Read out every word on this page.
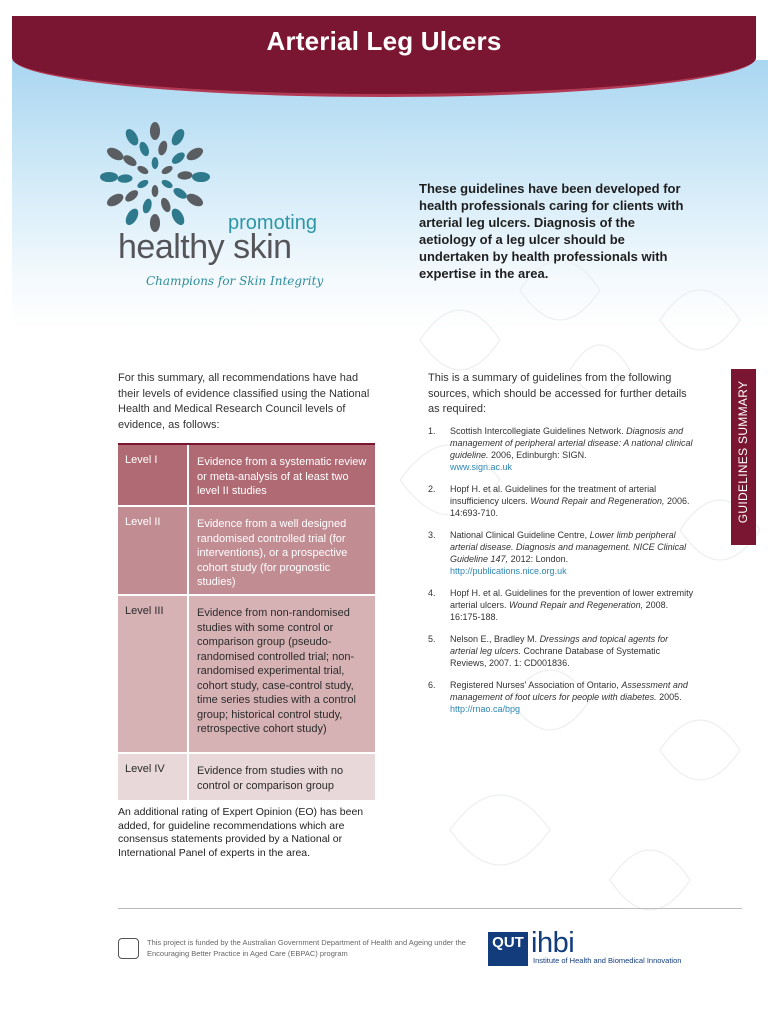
Arterial Leg Ulcers
promoting
healthy skin
Champions for Skin Integrity
These guidelines have been developed for health professionals caring for clients with arterial leg ulcers. Diagnosis of the aetiology of a leg ulcer should be undertaken by health professionals with expertise in the area.
For this summary, all recommendations have had their levels of evidence classified using the National Health and Medical Research Council levels of evidence, as follows:
Level I	Evidence from a systematic review or meta-analysis of at least two level II studies
Level II	Evidence from a well designed randomised controlled trial (for interventions), or a prospective cohort study (for prognostic studies)
Level III	Evidence from non-randomised studies with some control or comparison group (pseudo-randomised controlled trial; non-randomised experimental trial, cohort study, case-control study, time series studies with a control group; historical control study, retrospective cohort study)
Level IV	Evidence from studies with no control or comparison group
An additional rating of Expert Opinion (EO) has been added, for guideline recommendations which are consensus statements provided by a National or International Panel of experts in the area.
This is a summary of guidelines from the following sources, which should be accessed for further details as required:
1.	Scottish Intercollegiate Guidelines Network. Diagnosis and management of peripheral arterial disease: A national clinical guideline. 2006, Edinburgh: SIGN.
www.sign.ac.uk
2.	Hopf H. et al. Guidelines for the treatment of arterial insufficiency ulcers. Wound Repair and Regeneration, 2006. 14:693-710.
3.	National Clinical Guideline Centre, Lower limb peripheral arterial disease. Diagnosis and management. NICE Clinical Guideline 147, 2012: London.
http://publications.nice.org.uk
4.	Hopf H. et al. Guidelines for the prevention of lower extremity arterial ulcers. Wound Repair and Regeneration, 2008. 16:175-188.
5.	Nelson E., Bradley M. Dressings and topical agents for arterial leg ulcers. Cochrane Database of Systematic Reviews, 2007. 1: CD001836.
6.	Registered Nurses' Association of Ontario, Assessment and management of foot ulcers for people with diabetes. 2005.
http://rnao.ca/bpg
GUIDELINES SUMMARY
This project is funded by the Australian Government Department of Health and Ageing under the Encouraging Better Practice in Aged Care (EBPAC) program
QUT ihbi
Institute of Health and Biomedical Innovation
